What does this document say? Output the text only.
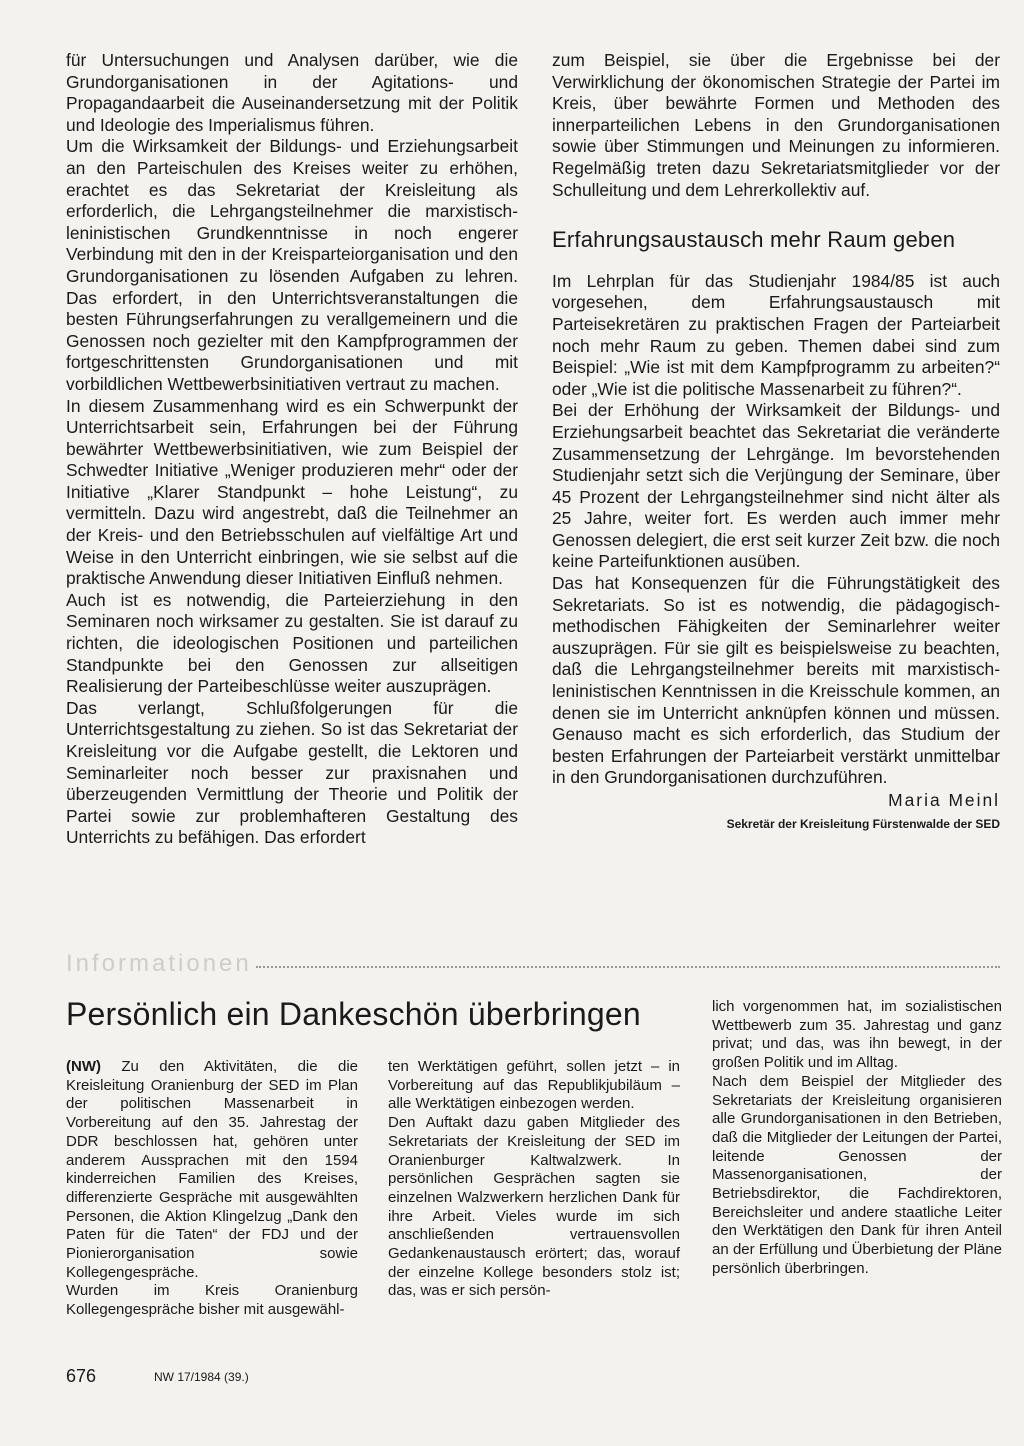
für Untersuchungen und Analysen darüber, wie die Grundorganisationen in der Agitations- und Propagandaarbeit die Auseinandersetzung mit der Politik und Ideologie des Imperialismus führen.

Um die Wirksamkeit der Bildungs- und Erziehungsarbeit an den Parteischulen des Kreises weiter zu erhöhen, erachtet es das Sekretariat der Kreisleitung als erforderlich, die Lehrgangsteilnehmer die marxistisch-leninistischen Grundkenntnisse in noch engerer Verbindung mit den in der Kreisparteiorganisation und den Grundorganisationen zu lösenden Aufgaben zu lehren. Das erfordert, in den Unterrichtsveranstaltungen die besten Führungserfahrungen zu verallgemeinern und die Genossen noch gezielter mit den Kampfprogrammen der fortgeschrittensten Grundorganisationen und mit vorbildlichen Wettbewerbsinitiativen vertraut zu machen.

In diesem Zusammenhang wird es ein Schwerpunkt der Unterrichtsarbeit sein, Erfahrungen bei der Führung bewährter Wettbewerbsinitiativen, wie zum Beispiel der Schwedter Initiative „Weniger produzieren mehr“ oder der Initiative „Klarer Standpunkt – hohe Leistung“, zu vermitteln. Dazu wird angestrebt, daß die Teilnehmer an der Kreis- und den Betriebsschulen auf vielfältige Art und Weise in den Unterricht einbringen, wie sie selbst auf die praktische Anwendung dieser Initiativen Einfluß nehmen.

Auch ist es notwendig, die Parteierziehung in den Seminaren noch wirksamer zu gestalten. Sie ist darauf zu richten, die ideologischen Positionen und parteilichen Standpunkte bei den Genossen zur allseitigen Realisierung der Parteibeschlüsse weiter auszuprägen.

Das verlangt, Schlußfolgerungen für die Unterrichtsgestaltung zu ziehen. So ist das Sekretariat der Kreisleitung vor die Aufgabe gestellt, die Lektoren und Seminarleiter noch besser zur praxisnahen und überzeugenden Vermittlung der Theorie und Politik der Partei sowie zur problemhafteren Gestaltung des Unterrichts zu befähigen. Das erfordert

zum Beispiel, sie über die Ergebnisse bei der Verwirklichung der ökonomischen Strategie der Partei im Kreis, über bewährte Formen und Methoden des innerparteilichen Lebens in den Grundorganisationen sowie über Stimmungen und Meinungen zu informieren. Regelmäßig treten dazu Sekretariatsmitglieder vor der Schulleitung und dem Lehrerkollektiv auf.

Erfahrungsaustausch mehr Raum geben

Im Lehrplan für das Studienjahr 1984/85 ist auch vorgesehen, dem Erfahrungsaustausch mit Parteisekretären zu praktischen Fragen der Parteiarbeit noch mehr Raum zu geben. Themen dabei sind zum Beispiel: „Wie ist mit dem Kampfprogramm zu arbeiten?“ oder „Wie ist die politische Massenarbeit zu führen?“.

Bei der Erhöhung der Wirksamkeit der Bildungs- und Erziehungsarbeit beachtet das Sekretariat die veränderte Zusammensetzung der Lehrgänge. Im bevorstehenden Studienjahr setzt sich die Verjüngung der Seminare, über 45 Prozent der Lehrgangsteilnehmer sind nicht älter als 25 Jahre, weiter fort. Es werden auch immer mehr Genossen delegiert, die erst seit kurzer Zeit bzw. die noch keine Parteifunktionen ausüben.

Das hat Konsequenzen für die Führungstätigkeit des Sekretariats. So ist es notwendig, die pädagogisch-methodischen Fähigkeiten der Seminarlehrer weiter auszuprägen. Für sie gilt es beispielsweise zu beachten, daß die Lehrgangsteilnehmer bereits mit marxistisch-leninistischen Kenntnissen in die Kreisschule kommen, an denen sie im Unterricht anknüpfen können und müssen. Genauso macht es sich erforderlich, das Studium der besten Erfahrungen der Parteiarbeit verstärkt unmittelbar in den Grundorganisationen durchzuführen.

Maria Meinl
Sekretär der Kreisleitung Fürstenwalde der SED
Informationen
Persönlich ein Dankeschön überbringen

(NW) Zu den Aktivitäten, die die Kreisleitung Oranienburg der SED im Plan der politischen Massenarbeit in Vorbereitung auf den 35. Jahrestag der DDR beschlossen hat, gehören unter anderem Aussprachen mit den 1594 kinderreichen Familien des Kreises, differenzierte Gespräche mit ausgewählten Personen, die Aktion Klingelzug „Dank den Paten für die Taten“ der FDJ und der Pionierorganisation sowie Kollegengespräche.

Wurden im Kreis Oranienburg Kollegengespräche bisher mit ausgewähl-

ten Werktätigen geführt, sollen jetzt – in Vorbereitung auf das Republikjubiläum – alle Werktätigen einbezogen werden.

Den Auftakt dazu gaben Mitglieder des Sekretariats der Kreisleitung der SED im Oranienburger Kaltwalzwerk. In persönlichen Gesprächen sagten sie einzelnen Walzwerkern herzlichen Dank für ihre Arbeit. Vieles wurde im sich anschließenden vertrauensvollen Gedankenaustausch erörtert; das, worauf der einzelne Kollege besonders stolz ist; das, was er sich persön-

lich vorgenommen hat, im sozialistischen Wettbewerb zum 35. Jahrestag und ganz privat; und das, was ihn bewegt, in der großen Politik und im Alltag.

Nach dem Beispiel der Mitglieder des Sekretariats der Kreisleitung organisieren alle Grundorganisationen in den Betrieben, daß die Mitglieder der Leitungen der Partei, leitende Genossen der Massenorganisationen, der Betriebsdirektor, die Fachdirektoren, Bereichsleiter und andere staatliche Leiter den Werktätigen den Dank für ihren Anteil an der Erfüllung und Überbietung der Pläne persönlich überbringen.

676	NW 17/1984 (39.)
